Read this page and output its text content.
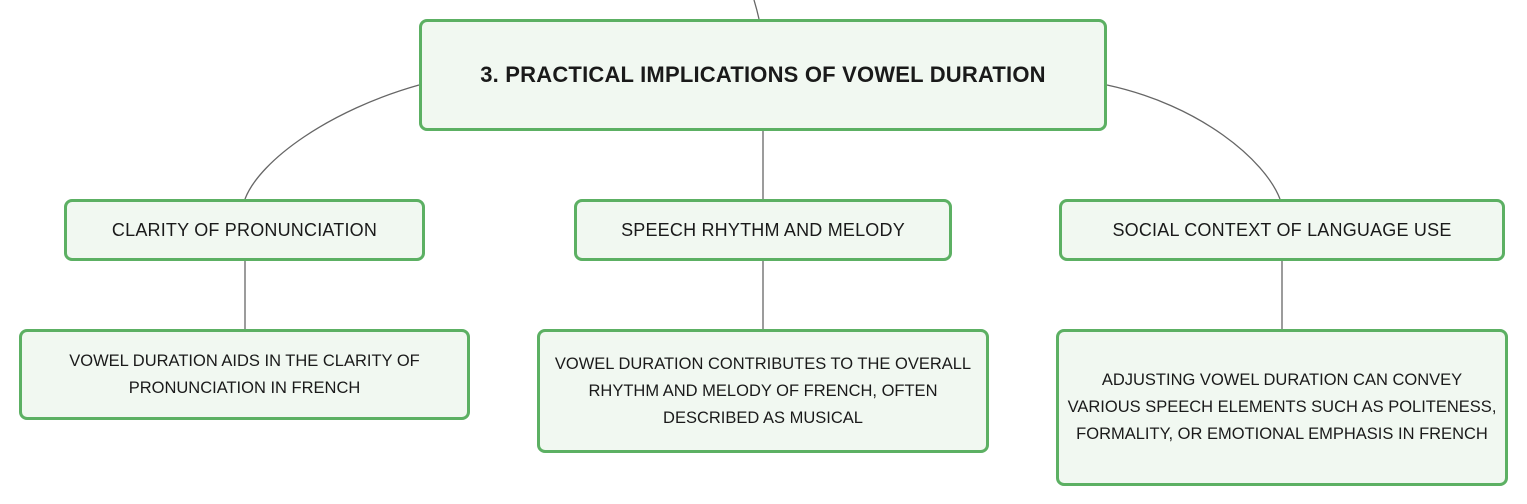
3. PRACTICAL IMPLICATIONS OF VOWEL DURATION
CLARITY OF PRONUNCIATION	SPEECH RHYTHM AND MELODY	SOCIAL CONTEXT OF LANGUAGE USE
VOWEL DURATION AIDS IN THE CLARITY OF PRONUNCIATION IN FRENCH
VOWEL DURATION CONTRIBUTES TO THE OVERALL RHYTHM AND MELODY OF FRENCH, OFTEN DESCRIBED AS MUSICAL
ADJUSTING VOWEL DURATION CAN CONVEY VARIOUS SPEECH ELEMENTS SUCH AS POLITENESS, FORMALITY, OR EMOTIONAL EMPHASIS IN FRENCH
